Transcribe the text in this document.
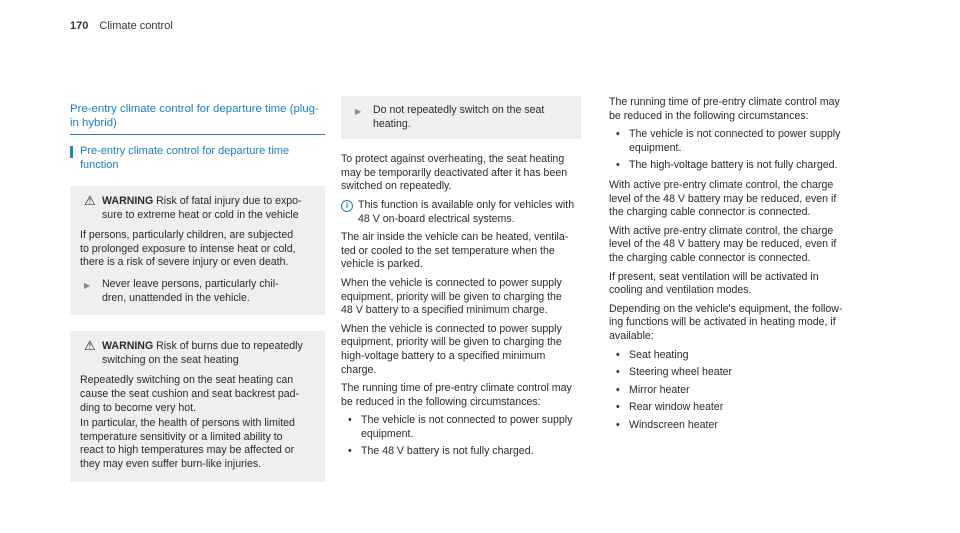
170 Climate control
Pre-entry climate control for departure time (plug-
in hybrid)
Pre-entry climate control for departure time
function
⚠ WARNING Risk of fatal injury due to expo-
sure to extreme heat or cold in the vehicle

If persons, particularly children, are subjected
to prolonged exposure to intense heat or cold,
there is a risk of severe injury or even death.

▶ Never leave persons, particularly chil-
dren, unattended in the vehicle.
⚠ WARNING Risk of burns due to repeatedly
switching on the seat heating

Repeatedly switching on the seat heating can
cause the seat cushion and seat backrest pad-
ding to become very hot.

In particular, the health of persons with limited
temperature sensitivity or a limited ability to
react to high temperatures may be affected or
they may even suffer burn-like injuries.

▶ Do not repeatedly switch on the seat
heating.

To protect against overheating, the seat heating
may be temporarily deactivated after it has been
switched on repeatedly.

i This function is available only for vehicles with
48 V on-board electrical systems.

The air inside the vehicle can be heated, ventila-
ted or cooled to the set temperature when the
vehicle is parked.

When the vehicle is connected to power supply
equipment, priority will be given to charging the
48 V battery to a specified minimum charge.

When the vehicle is connected to power supply
equipment, priority will be given to charging the
high-voltage battery to a specified minimum
charge.

The running time of pre-entry climate control may
be reduced in the following circumstances:

• The vehicle is not connected to power supply
equipment.
• The 48 V battery is not fully charged.

The running time of pre-entry climate control may
be reduced in the following circumstances:

• The vehicle is not connected to power supply
equipment.
• The high-voltage battery is not fully charged.

With active pre-entry climate control, the charge
level of the 48 V battery may be reduced, even if
the charging cable connector is connected.

With active pre-entry climate control, the charge
level of the 48 V battery may be reduced, even if
the charging cable connector is connected.

If present, seat ventilation will be activated in
cooling and ventilation modes.

Depending on the vehicle's equipment, the follow-
ing functions will be activated in heating mode, if
available:

• Seat heating
• Steering wheel heater
• Mirror heater
• Rear window heater
• Windscreen heater
